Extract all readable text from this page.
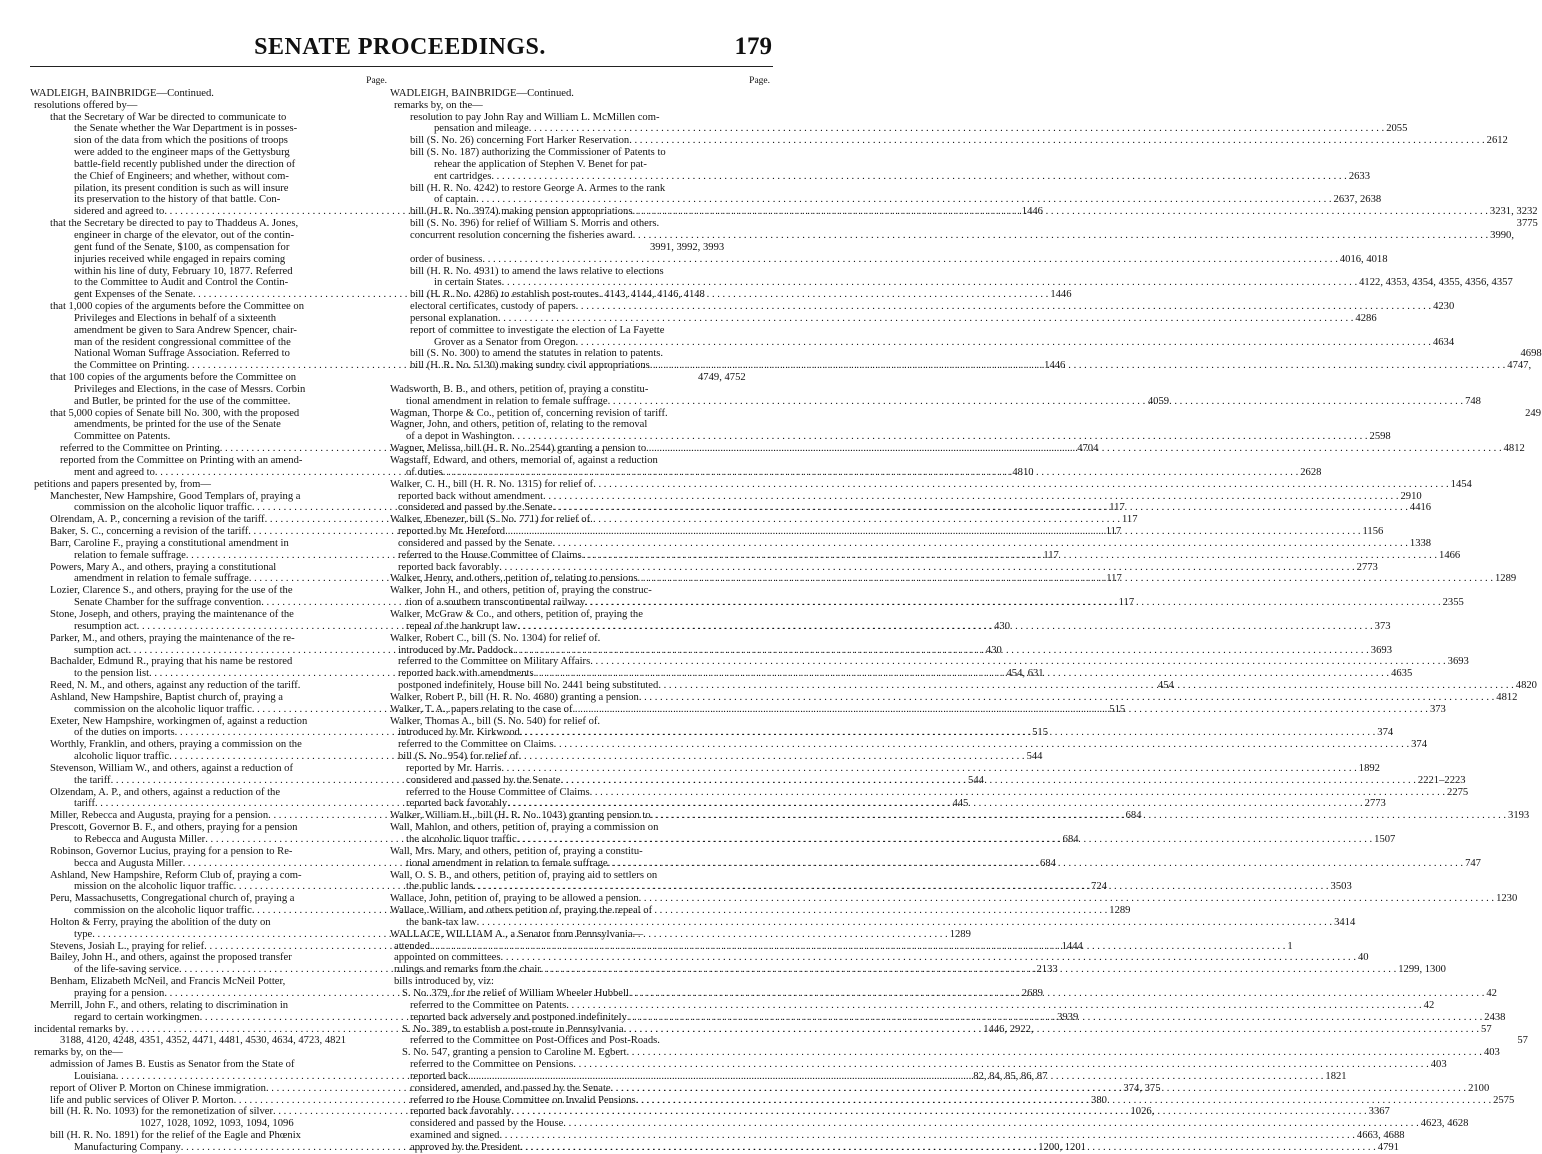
SENATE PROCEEDINGS.	179
Page.
WADLEIGH, BAINBRIDGE—Continued.
resolutions offered by—
that the Secretary of War be directed to communicate to
the Senate whether the War Department is in posses-
sion of the data from which the positions of troops
were added to the engineer maps of the Gettysburg
battle-field recently published under the direction of
the Chief of Engineers; and whether, without com-
pilation, its present condition is such as will insure
its preservation to the history of that battle. Con-
sidered and agreed to . . .	1446
that the Secretary be directed to pay to Thaddeus A. Jones,
engineer in charge of the elevator, out of the contin-
gent fund of the Senate, $100, as compensation for
injuries received while engaged in repairs coming
within his line of duty, February 10, 1877. Referred
to the Committee to Audit and Control the Contin-
gent Expenses of the Senate . . .	1446
that 1,000 copies of the arguments before the Committee on
Privileges and Elections in behalf of a sixteenth
amendment be given to Sara Andrew Spencer, chair-
man of the resident congressional committee of the
National Woman Suffrage Association. Referred to
the Committee on Printing . . .	1446
that 100 copies of the arguments before the Committee on
Privileges and Elections, in the case of Messrs. Corbin
and Butler, be printed for the use of the committee.	4059
that 5,000 copies of Senate bill No. 300, with the proposed
amendments, be printed for the use of the Senate
Committee on Patents.
referred to the Committee on Printing . . .	4704
reported from the Committee on Printing with an amend-
ment and agreed to . . .	4810
petitions and papers presented by, from—
Manchester, New Hampshire, Good Templars of, praying a
commission on the alcoholic liquor traffic . . .	117
Olrendam, A. P., concerning a revision of the tariff . . .	117
Baker, S. C., concerning a revision of the tariff . . .	117
Barr, Caroline F., praying a constitutional amendment in
relation to female suffrage . . .	117
Powers, Mary A., and others, praying a constitutional
amendment in relation to female suffrage . . .	117
Lozier, Clarence S., and others, praying for the use of the
Senate Chamber for the suffrage convention . . .	117
Stone, Joseph, and others, praying the maintenance of the
resumption act . . .	430
Parker, M., and others, praying the maintenance of the re-
sumption act . . .	430
Bachalder, Edmund R., praying that his name be restored
to the pension list . . .	454, 631
Reed, N. M., and others, against any reduction of the tariff.	454
Ashland, New Hampshire, Baptist church of, praying a
commission on the alcoholic liquor traffic . . .	515
Exeter, New Hampshire, workingmen of, against a reduction
of the duties on imports . . .	515
Worthly, Franklin, and others, praying a commission on the
alcoholic liquor traffic . . .	544
Stevenson, William W., and others, against a reduction of
the tariff . . .	544
Olzendam, A. P., and others, against a reduction of the
tariff . . .	445
Miller, Rebecca and Augusta, praying for a pension . . .	684
Prescott, Governor B. F., and others, praying for a pension
to Rebecca and Augusta Miller . . .	684
Robinson, Governor Lucius, praying for a pension to Re-
becca and Augusta Miller . . .	684
Ashland, New Hampshire, Reform Club of, praying a com-
mission on the alcoholic liquor traffic . . .	724
Peru, Massachusetts, Congregational church of, praying a
commission on the alcoholic liquor traffic . . .	1289
Holton & Ferry, praying the abolition of the duty on
type . . .	1289
Stevens, Josiah L., praying for relief . . .	1444
Bailey, John H., and others, against the proposed transfer
of the life-saving service . . .	2133
Benham, Elizabeth McNeil, and Francis McNeil Potter,
praying for a pension . . .	2689
Merrill, John F., and others, relating to discrimination in
regard to certain workingmen . . .	3939
incidental remarks by . . .	1446, 2922,
3188, 4120, 4248, 4351, 4352, 4471, 4481, 4530, 4634, 4723, 4821
remarks by, on the—
admission of James B. Eustis as Senator from the State of
Louisiana . . .	82, 84, 85, 86, 87
report of Oliver P. Morton on Chinese immigration . . .	374, 375
life and public services of Oliver P. Morton . . .	380
bill (H. R. No. 1093) for the remonetization of silver . . .	1026,
1027, 1028, 1092, 1093, 1094, 1096
bill (H. R. No. 1891) for the relief of the Eagle and Phœnix
Manufacturing Company . . .	1200, 1201
Page.
WADLEIGH, BAINBRIDGE—Continued.
remarks by, on the—
resolution to pay John Ray and William L. McMillen com-
pensation and mileage . . .	2055
bill (S. No. 26) concerning Fort Harker Reservation . . .	2612
bill (S. No. 187) authorizing the Commissioner of Patents to
rehear the application of Stephen V. Benet for pat-
ent cartridges . . .	2633
bill (H. R. No. 4242) to restore George A. Armes to the rank
of captain . . .	2637, 2638
bill (H. R. No. 3974) making pension appropriations . . .	3231, 3232
bill (S. No. 396) for relief of William S. Morris and others.	3775
concurrent resolution concerning the fisheries award . . .	3990,
3991, 3992, 3993
order of business . . .	4016, 4018
bill (H. R. No. 4931) to amend the laws relative to elections
in certain States . . .	4122, 4353, 4354, 4355, 4356, 4357
bill (H. R. No. 4286) to establish post-routes. 4143, 4144, 4146, 4148
electoral certificates, custody of papers . . .	4230
personal explanation . . .	4286
report of committee to investigate the election of La Fayette
Grover as a Senator from Oregon . . .	4634
bill (S. No. 300) to amend the statutes in relation to patents.	4698
bill (H. R. No. 5130) making sundry civil appropriations . . .	4747,
4749, 4752
Wadsworth, B. B., and others, petition of, praying a constitu-
tional amendment in relation to female suffrage . . .	748
Wagman, Thorpe & Co., petition of, concerning revision of tariff.	249
Wagner, John, and others, petition of, relating to the removal
of a depot in Washington . . .	2598
Wagner, Melissa, bill (H. R. No. 2544) granting a pension to . . .	4812
Wagstaff, Edward, and others, memorial of, against a reduction
of duties . . .	2628
Walker, C. H., bill (H. R. No. 1315) for relief of . . .	1454
reported back without amendment . . .	2910
considered and passed by the Senate . . .	4416
Walker, Ebenezer, bill (S. No. 771) for relief of.
reported by Mr. Hereford . . .	1156
considered and passed by the Senate . . .	1338
referred to the House Committee of Claims . . .	1466
reported back favorably . . .	2773
Walker, Henry, and others, petition of, relating to pensions . . .	1289
Walker, John H., and others, petition of, praying the construc-
tion of a southern transcontinental railway . . .	2355
Walker, McGraw & Co., and others, petition of, praying the
repeal of the bankrupt law . . .	373
Walker, Robert C., bill (S. No. 1304) for relief of.
introduced by Mr. Paddock . . .	3693
referred to the Committee on Military Affairs . . .	3693
reported back with amendments . . .	4635
postponed indefinitely, House bill No. 2441 being substituted . . .	4820
Walker, Robert P., bill (H. R. No. 4680) granting a pension . . .	4812
Walker, T. A., papers relating to the case of . . .	373
Walker, Thomas A., bill (S. No. 540) for relief of.
introduced by Mr. Kirkwood . . .	374
referred to the Committee on Claims . . .	374
bill (S. No. 954) for relief of.
reported by Mr. Harris . . .	1892
considered and passed by the Senate . . .	2221–2223
referred to the House Committee of Claims . . .	2275
reported back favorably . . .	2773
Walker, William H., bill (H. R. No. 1043) granting pension to . . .	3193
Wall, Mahlon, and others, petition of, praying a commission on
the alcoholic liquor traffic . . .	1507
Wall, Mrs. Mary, and others, petition of, praying a constitu-
tional amendment in relation to female suffrage . . .	747
Wall, O. S. B., and others, petition of, praying aid to settlers on
the public lands . . .	3503
Wallace, John, petition of, praying to be allowed a pension . . .	1230
Wallace, William, and others petition of, praying the repeal of
the bank-tax law . . .	3414
WALLACE, WILLIAM A., a Senator from Pennsylvania—
attended . . .	1
appointed on committees . . .	40
rulings and remarks from the chair . . .	1299, 1300
bills introduced by, viz:
S. No. 379, for the relief of William Wheeler Hubbell . . .	42
referred to the Committee on Patents . . .	42
reported back adversely and postponed indefinitely . . .	2438
S. No. 389, to establish a post-route in Pennsylvania . . .	57
referred to the Committee on Post-Offices and Post-Roads.	57
S. No. 547, granting a pension to Caroline M. Egbert . . .	403
referred to the Committee on Pensions . . .	403
reported back . . .	1821
considered, amended, and passed by the Senate . . .	2100
referred to the House Committee on Invalid Pensions . . .	2575
reported back favorably . . .	3367
considered and passed by the House . . .	4623, 4628
examined and signed . . .	4663, 4688
approved by the President . . .	4791
